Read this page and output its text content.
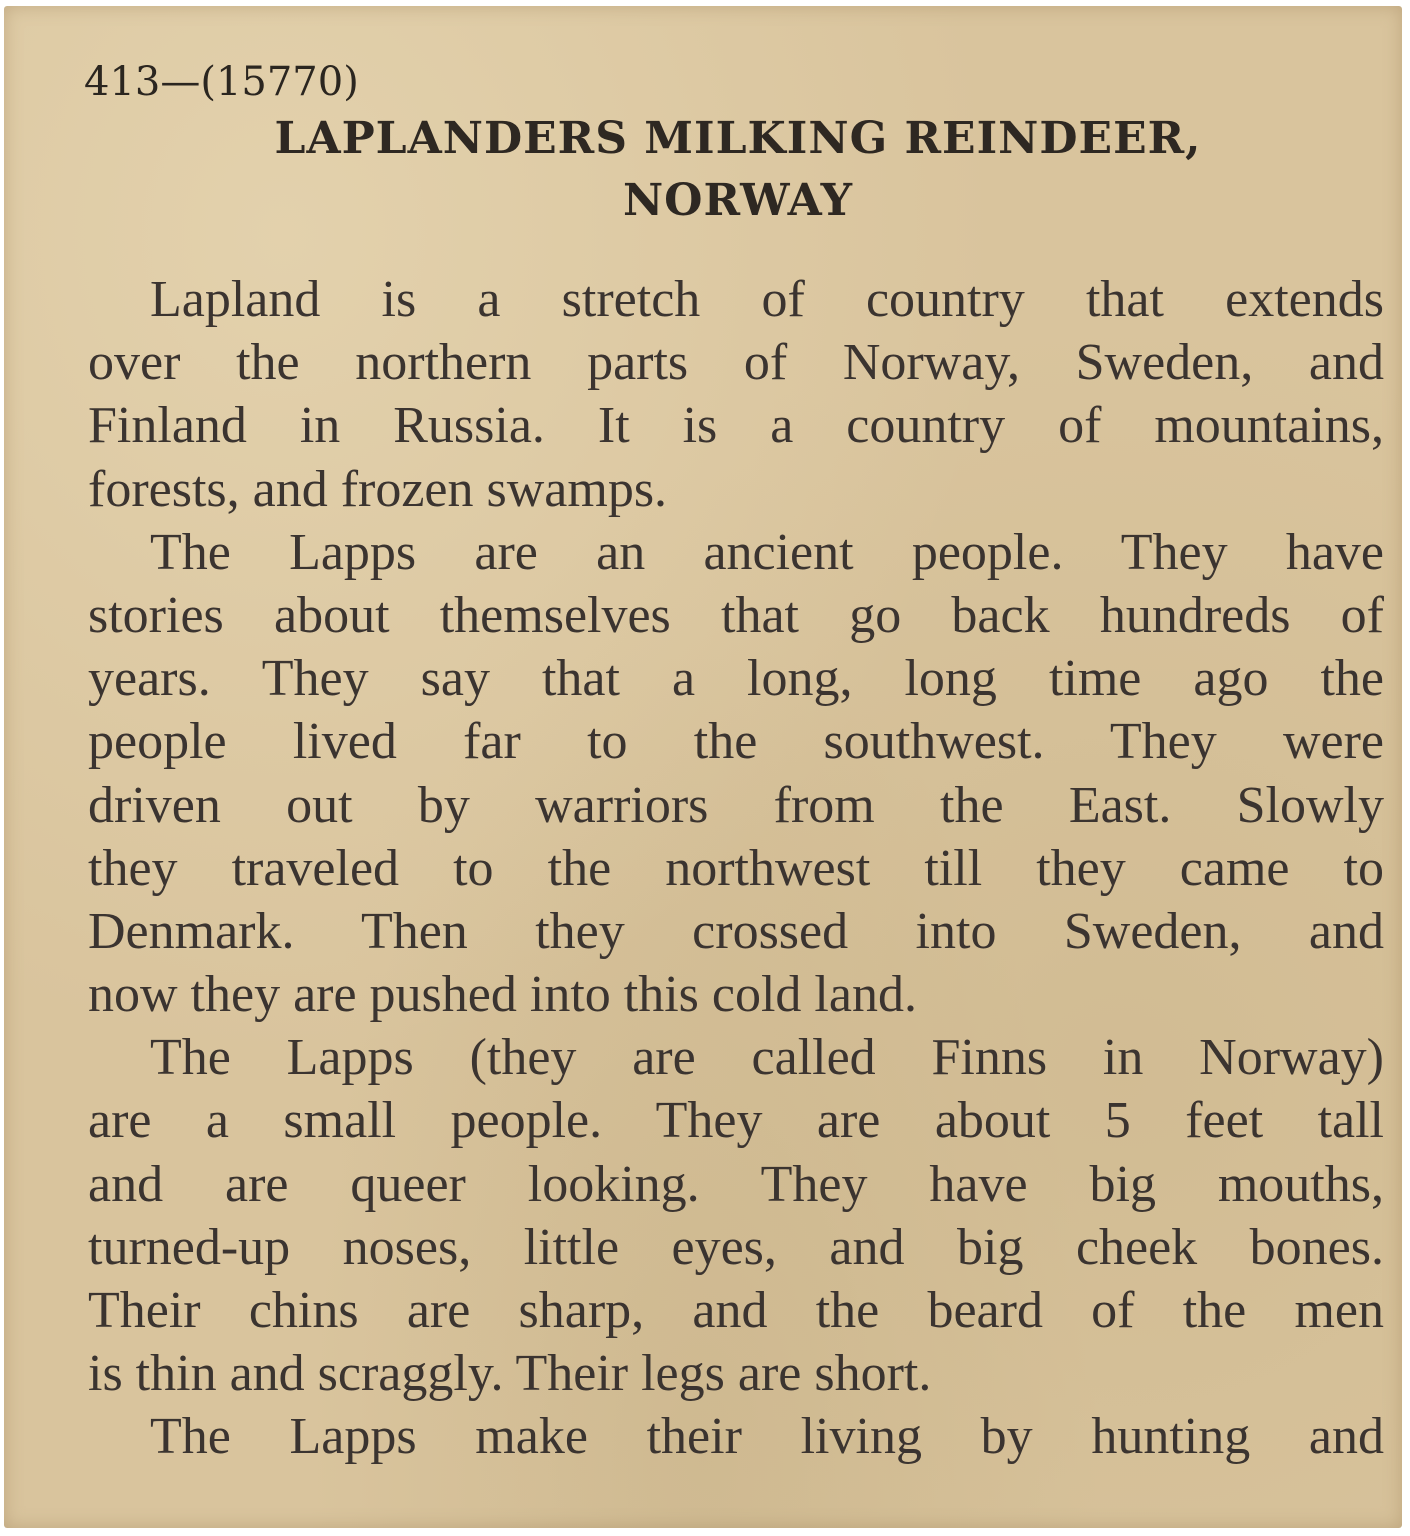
413—(15770)
LAPLANDERS MILKING REINDEER,
NORWAY
Lapland is a stretch of country that extends
over the northern parts of Norway, Sweden, and
Finland in Russia. It is a country of mountains,
forests, and frozen swamps.
The Lapps are an ancient people. They have
stories about themselves that go back hundreds of
years. They say that a long, long time ago the
people lived far to the southwest. They were
driven out by warriors from the East. Slowly
they traveled to the northwest till they came to
Denmark. Then they crossed into Sweden, and
now they are pushed into this cold land.
The Lapps (they are called Finns in Norway)
are a small people. They are about 5 feet tall
and are queer looking. They have big mouths,
turned-up noses, little eyes, and big cheek bones.
Their chins are sharp, and the beard of the men
is thin and scraggly. Their legs are short.
The Lapps make their living by hunting and
